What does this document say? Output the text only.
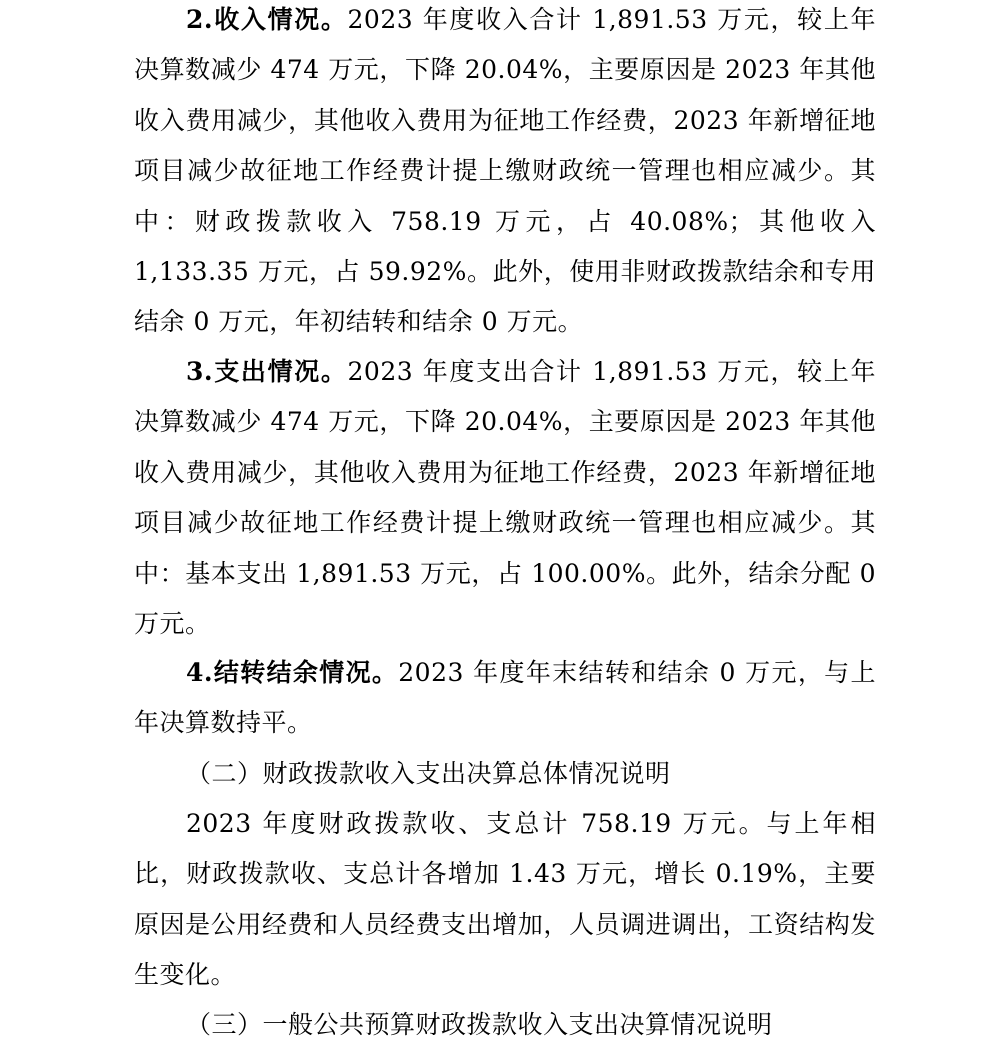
2.收入情况。2023 年度收入合计 1,891.53 万元，较上年决算数减少 474 万元，下降 20.04%，主要原因是 2023 年其他收入费用减少，其他收入费用为征地工作经费，2023 年新增征地项目减少故征地工作经费计提上缴财政统一管理也相应减少。其中：财政拨款收入 758.19 万元，占 40.08%；其他收入 1,133.35 万元，占 59.92%。此外，使用非财政拨款结余和专用结余 0 万元，年初结转和结余 0 万元。

3.支出情况。2023 年度支出合计 1,891.53 万元，较上年决算数减少 474 万元，下降 20.04%，主要原因是 2023 年其他收入费用减少，其他收入费用为征地工作经费，2023 年新增征地项目减少故征地工作经费计提上缴财政统一管理也相应减少。其中：基本支出 1,891.53 万元，占 100.00%。此外，结余分配 0 万元。

4.结转结余情况。2023 年度年末结转和结余 0 万元，与上年决算数持平。

（二）财政拨款收入支出决算总体情况说明

2023 年度财政拨款收、支总计 758.19 万元。与上年相比，财政拨款收、支总计各增加 1.43 万元，增长 0.19%，主要原因是公用经费和人员经费支出增加，人员调进调出，工资结构发生变化。

（三）一般公共预算财政拨款收入支出决算情况说明
